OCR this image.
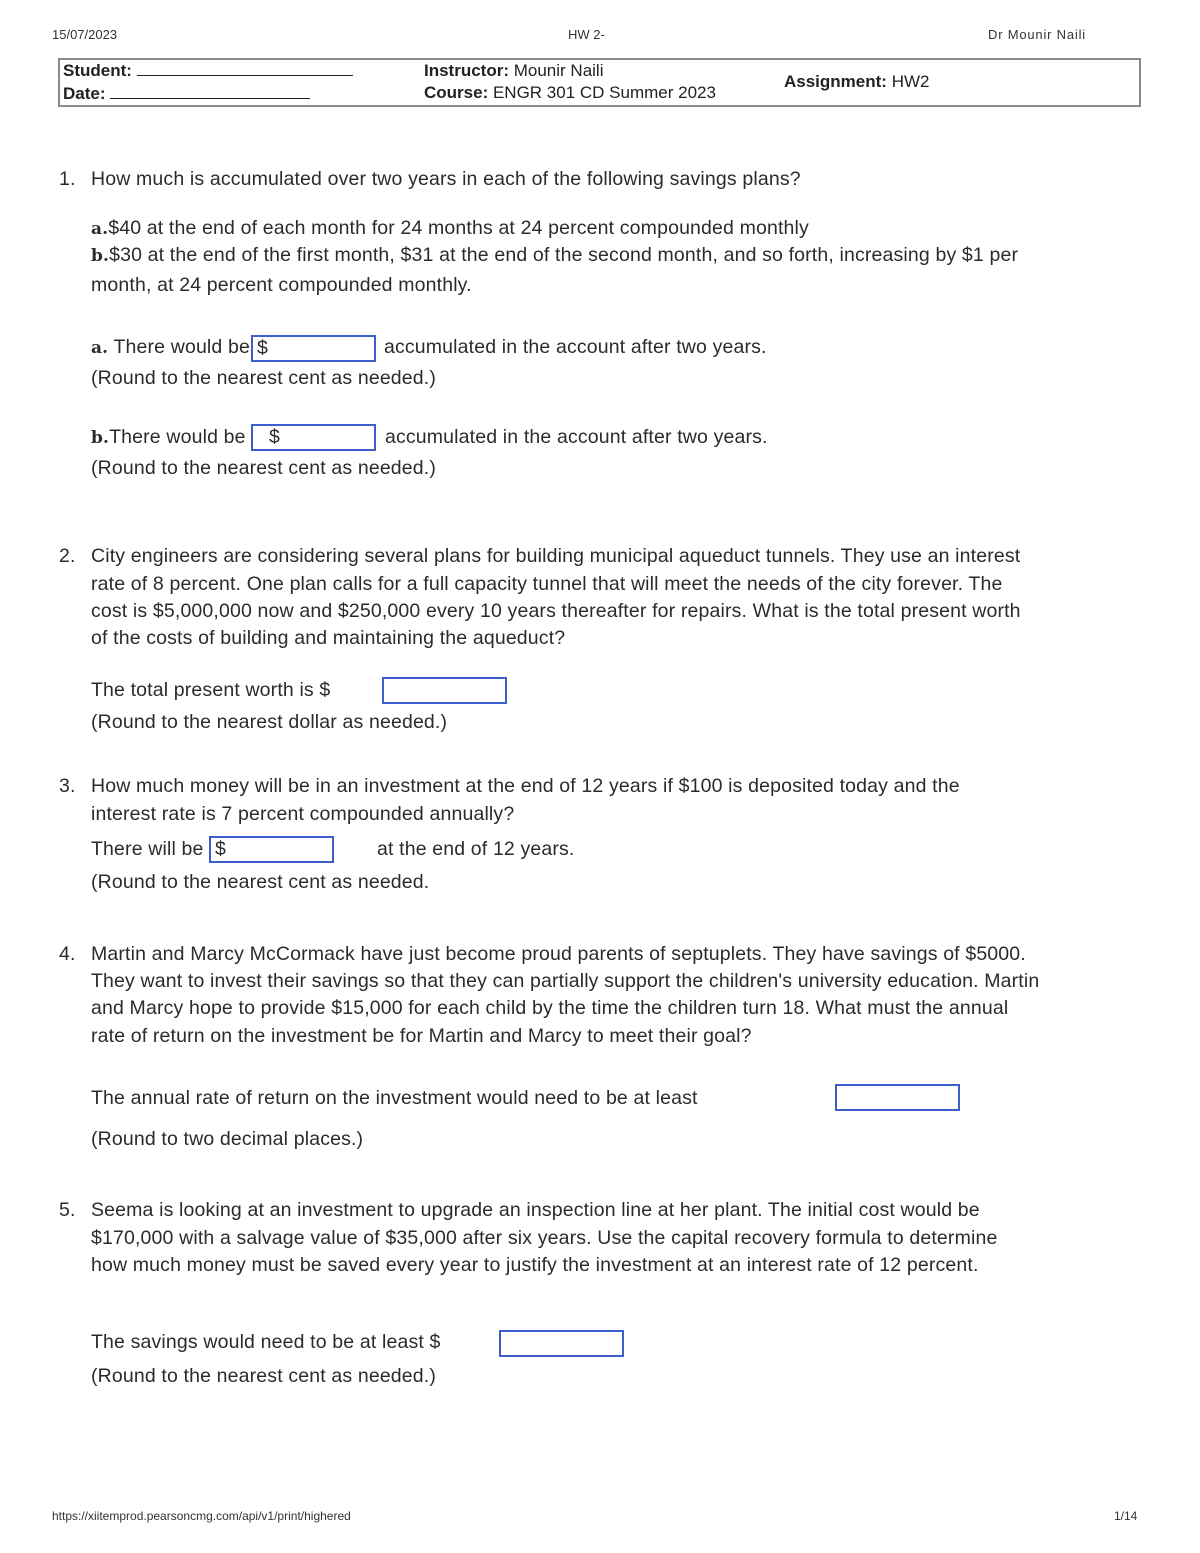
15/07/2023	HW 2-	Dr Mounir Naili
Student:
Date:
Instructor: Mounir Naili
Course: ENGR 301 CD Summer 2023
Assignment: HW2
1. How much is accumulated over two years in each of the following savings plans?
a.$40 at the end of each month for 24 months at 24 percent compounded monthly
b.$30 at the end of the first month, $31 at the end of the second month, and so forth, increasing by $1 per
month, at 24 percent compounded monthly.
a. There would be $	accumulated in the account after two years.
(Round to the nearest cent as needed.)
b.There would be	$	accumulated in the account after two years.
(Round to the nearest cent as needed.)
2. City engineers are considering several plans for building municipal aqueduct tunnels. They use an interest
rate of 8 percent. One plan calls for a full capacity tunnel that will meet the needs of the city forever. The
cost is $5,000,000 now and $250,000 every 10 years thereafter for repairs. What is the total present worth
of the costs of building and maintaining the aqueduct?
The total present worth is $
(Round to the nearest dollar as needed.)
3. How much money will be in an investment at the end of 12 years if $100 is deposited today and the
interest rate is 7 percent compounded annually?
There will be $	at the end of 12 years.
(Round to the nearest cent as needed.
4. Martin and Marcy McCormack have just become proud parents of septuplets. They have savings of $5000.
They want to invest their savings so that they can partially support the children's university education. Martin
and Marcy hope to provide $15,000 for each child by the time the children turn 18. What must the annual
rate of return on the investment be for Martin and Marcy to meet their goal?
The annual rate of return on the investment would need to be at least
(Round to two decimal places.)
5. Seema is looking at an investment to upgrade an inspection line at her plant. The initial cost would be
$170,000 with a salvage value of $35,000 after six years. Use the capital recovery formula to determine
how much money must be saved every year to justify the investment at an interest rate of 12 percent.
The savings would need to be at least $
(Round to the nearest cent as needed.)
https://xiitemprod.pearsoncmg.com/api/v1/print/highered	1/14
